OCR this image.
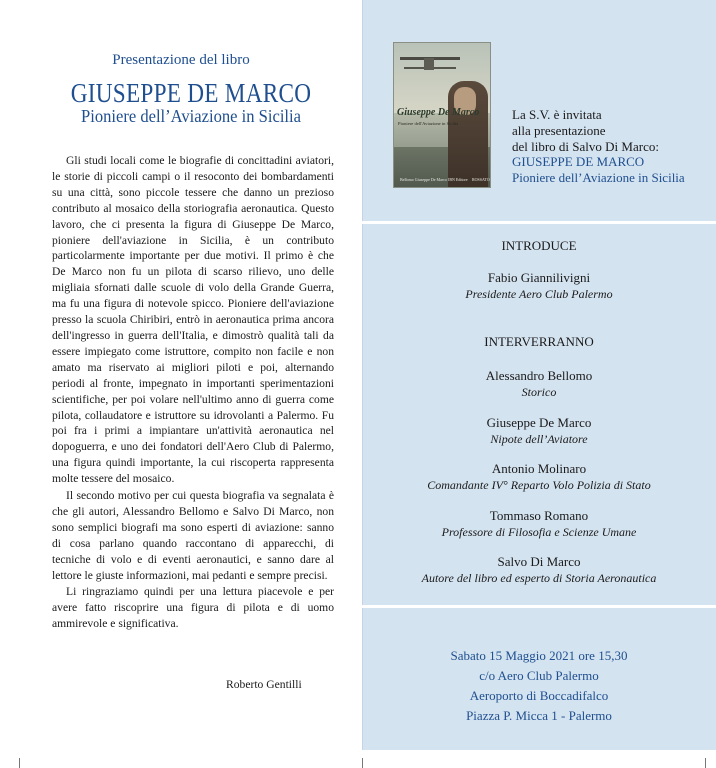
Presentazione del libro
GIUSEPPE DE MARCO
Pioniere dell’Aviazione in Sicilia

Gli studi locali come le biografie di concittadini aviatori, le storie di piccoli campi o il resoconto dei bombardamenti su una città, sono piccole tessere che danno un prezioso contributo al mosaico della storiografia aeronautica. Questo lavoro, che ci presenta la figura di Giuseppe De Marco, pioniere dell'aviazione in Sicilia, è un contributo particolarmente importante per due motivi. Il primo è che De Marco non fu un pilota di scarso rilievo, uno delle migliaia sfornati dalle scuole di volo della Grande Guerra, ma fu una figura di notevole spicco. Pioniere dell'aviazione presso la scuola Chiribiri, entrò in aeronautica prima ancora dell'ingresso in guerra dell'Italia, e dimostrò qualità tali da essere impiegato come istruttore, compito non facile e non amato ma riservato ai migliori piloti e poi, alternando periodi al fronte, impegnato in importanti sperimentazioni scientifiche, per poi volare nell'ultimo anno di guerra come pilota, collaudatore e istruttore su idrovolanti a Palermo. Fu poi fra i primi a impiantare un'attività aeronautica nel dopoguerra, e uno dei fondatori dell'Aero Club di Palermo, una figura quindi importante, la cui riscoperta rappresenta molte tessere del mosaico.

Il secondo motivo per cui questa biografia va segnalata è che gli autori, Alessandro Bellomo e Salvo Di Marco, non sono semplici biografi ma sono esperti di aviazione: sanno di cosa parlano quando raccontano di apparecchi, di tecniche di volo e di eventi aeronautici, e sanno dare al lettore le giuste informazioni, mai pedanti e sempre precisi.

Li ringraziamo quindi per una lettura piacevole e per avere fatto riscoprire una figura di pilota e di uomo ammirevole e significativa.

Roberto Gentilli
Giuseppe De Marco
Pioniere dell'Aviazione in Sicilia
Bellomo Giuseppe De Marco IBN Editore ROSSATO
La S.V. è invitata
alla presentazione
del libro di Salvo Di Marco:
GIUSEPPE DE MARCO
Pioniere dell’Aviazione in Sicilia
INTRODUCE
Fabio Giannilivigni
Presidente Aero Club Palermo
INTERVERRANNO
Alessandro Bellomo
Storico
Giuseppe De Marco
Nipote dell’Aviatore
Antonio Molinaro
Comandante IV° Reparto Volo Polizia di Stato
Tommaso Romano
Professore di Filosofia e Scienze Umane
Salvo Di Marco
Autore del libro ed esperto di Storia Aeronautica
Sabato 15 Maggio 2021 ore 15,30
c/o Aero Club Palermo
Aeroporto di Boccadifalco
Piazza P. Micca 1 - Palermo
